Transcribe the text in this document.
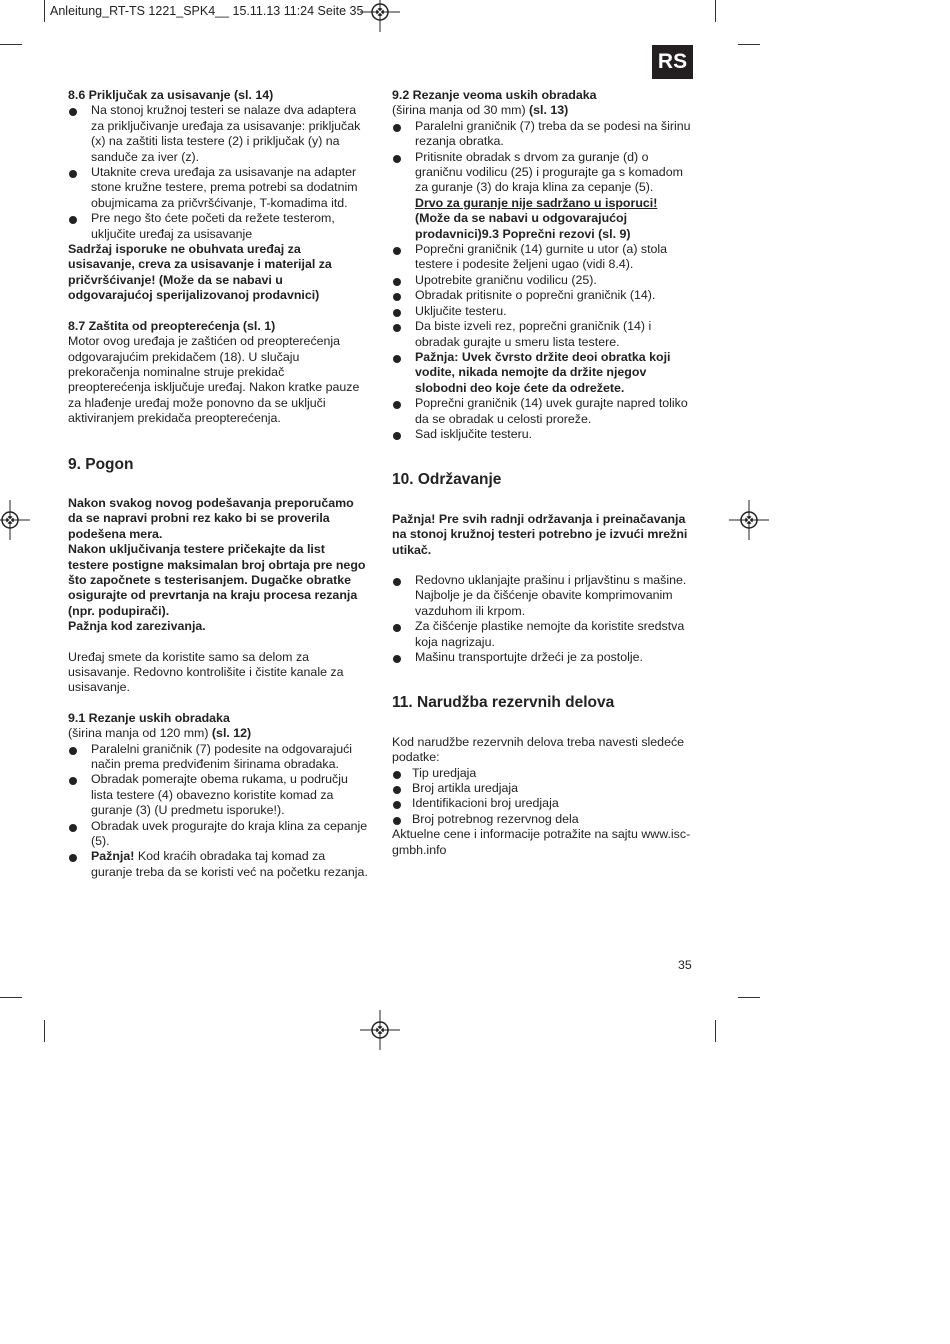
Anleitung_RT-TS 1221_SPK4__ 15.11.13 11:24 Seite 35
RS

8.6 Priključak za usisavanje (sl. 14)

Na stonoj kružnoj testeri se nalaze dva adaptera za priključivanje uređaja za usisavanje: priključak (x) na zaštiti lista testere (2) i priključak (y) na sanduče za iver (z).
Utaknite creva uređaja za usisavanje na adapter stone kružne testere, prema potrebi sa dodatnim obujmicama za pričvršćivanje, T-komadima itd.
Pre nego što ćete početi da režete testerom, uključite uređaj za usisavanje

Sadržaj isporuke ne obuhvata uređaj za usisavanje, creva za usisavanje i materijal za pričvršćivanje! (Može da se nabavi u odgovarajućoj sperijalizovanoj prodavnici)

8.7 Zaštita od preopterećenja (sl. 1)

Motor ovog uređaja je zaštićen od preopterećenja odgovarajućim prekidačem (18). U slučaju prekoračenja nominalne struje prekidač preopterećenja isključuje uređaj. Nakon kratke pauze za hlađenje uređaj može ponovno da se uključi aktiviranjem prekidača preopterećenja.

9. Pogon

Nakon svakog novog podešavanja preporučamo da se napravi probni rez kako bi se proverila podešena mera.

Nakon uključivanja testere pričekajte da list testere postigne maksimalan broj obrtaja pre nego što započnete s testerisanjem. Dugačke obratke osigurajte od prevrtanja na kraju procesa rezanja (npr. podupirači).

Pažnja kod zarezivanja.

Uređaj smete da koristite samo sa delom za usisavanje. Redovno kontrolišite i čistite kanale za usisavanje.

9.1 Rezanje uskih obradaka

(širina manja od 120 mm) (sl. 12)

Paralelni graničnik (7) podesite na odgovarajući način prema predviđenim širinama obradaka.
Obradak pomerajte obema rukama, u području lista testere (4) obavezno koristite komad za guranje (3) (U predmetu isporuke!).
Obradak uvek progurajte do kraja klina za cepanje (5).
Pažnja! Kod kraćih obradaka taj komad za guranje treba da se koristi već na početku rezanja.

9.2 Rezanje veoma uskih obradaka

(širina manja od 30 mm) (sl. 13)

Paralelni graničnik (7) treba da se podesi na širinu rezanja obratka.
Pritisnite obradak s drvom za guranje (d) o graničnu vodilicu (25) i progurajte ga s komadom za guranje (3) do kraja klina za cepanje (5).
Drvo za guranje nije sadržano u isporuci!
(Može da se nabavi u odgovarajućoj prodavnici)9.3 Poprečni rezovi (sl. 9)
Poprečni graničnik (14) gurnite u utor (a) stola testere i podesite željeni ugao (vidi 8.4).
Upotrebite graničnu vodilicu (25).
Obradak pritisnite o poprečni graničnik (14).
Uključite testeru.
Da biste izveli rez, poprečni graničnik (14) i obradak gurajte u smeru lista testere.
Pažnja: Uvek čvrsto držite deoi obratka koji vodite, nikada nemojte da držite njegov slobodni deo koje ćete da odrežete.
Poprečni graničnik (14) uvek gurajte napred toliko da se obradak u celosti proreže.
Sad isključite testeru.

10. Održavanje

Pažnja! Pre svih radnji održavanja i preinačavanja na stonoj kružnoj testeri potrebno je izvući mrežni utikač.

Redovno uklanjajte prašinu i prljavštinu s mašine. Najbolje je da čišćenje obavite komprimovanim vazduhom ili krpom.
Za čišćenje plastike nemojte da koristite sredstva koja nagrizaju.
Mašinu transportujte držeći je za postolje.

11. Narudžba rezervnih delova

Kod narudžbe rezervnih delova treba navesti sledeće podatke:

Tip uredjaja
Broj artikla uredjaja
Identifikacioni broj uredjaja
Broj potrebnog rezervnog dela

Aktuelne cene i informacije potražite na sajtu www.isc-gmbh.info

35
